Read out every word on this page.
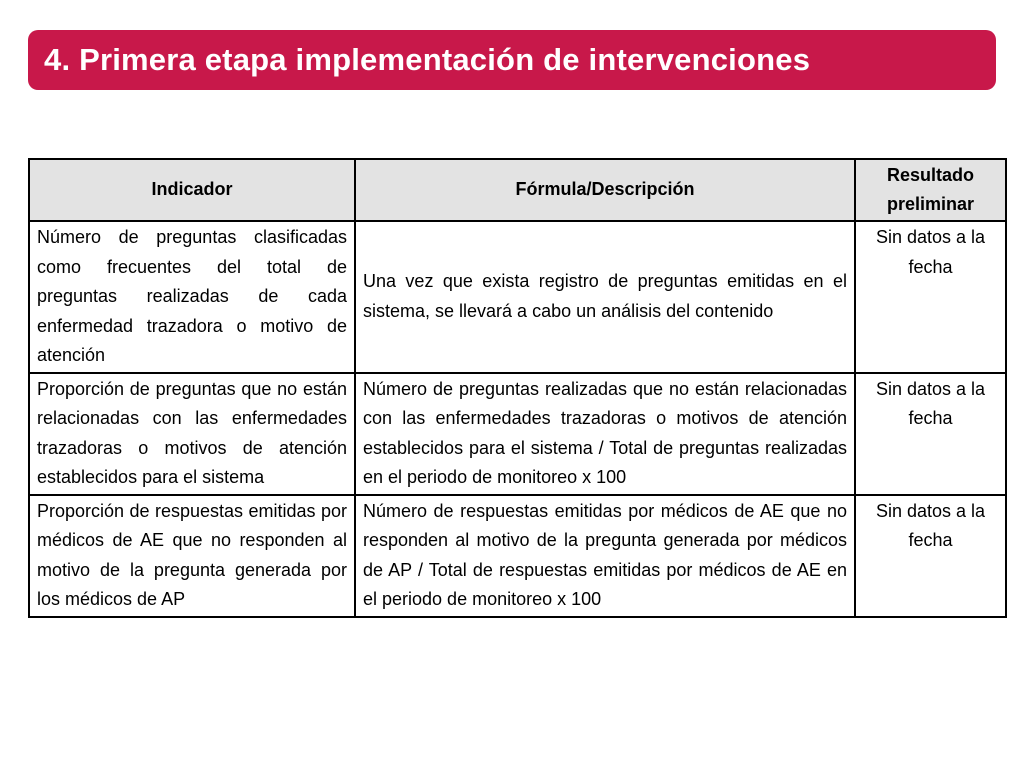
4. Primera etapa implementación de intervenciones
Indicador	Fórmula/Descripción	Resultado preliminar
Número de preguntas clasificadas como frecuentes del total de preguntas realizadas de cada enfermedad trazadora o motivo de atención	Una vez que exista registro de preguntas emitidas en el sistema, se llevará a cabo un análisis del contenido	Sin datos a la fecha
Proporción de preguntas que no están relacionadas con las enfermedades trazadoras o motivos de atención establecidos para el sistema	Número de preguntas realizadas que no están relacionadas con las enfermedades trazadoras o motivos de atención establecidos para el sistema / Total de preguntas realizadas en el periodo de monitoreo x 100	Sin datos a la fecha
Proporción de respuestas emitidas por médicos de AE que no responden al motivo de la pregunta generada por los médicos de AP	Número de respuestas emitidas por médicos de AE que no responden al motivo de la pregunta generada por médicos de AP / Total de respuestas emitidas por médicos de AE en el periodo de monitoreo x 100	Sin datos a la fecha
